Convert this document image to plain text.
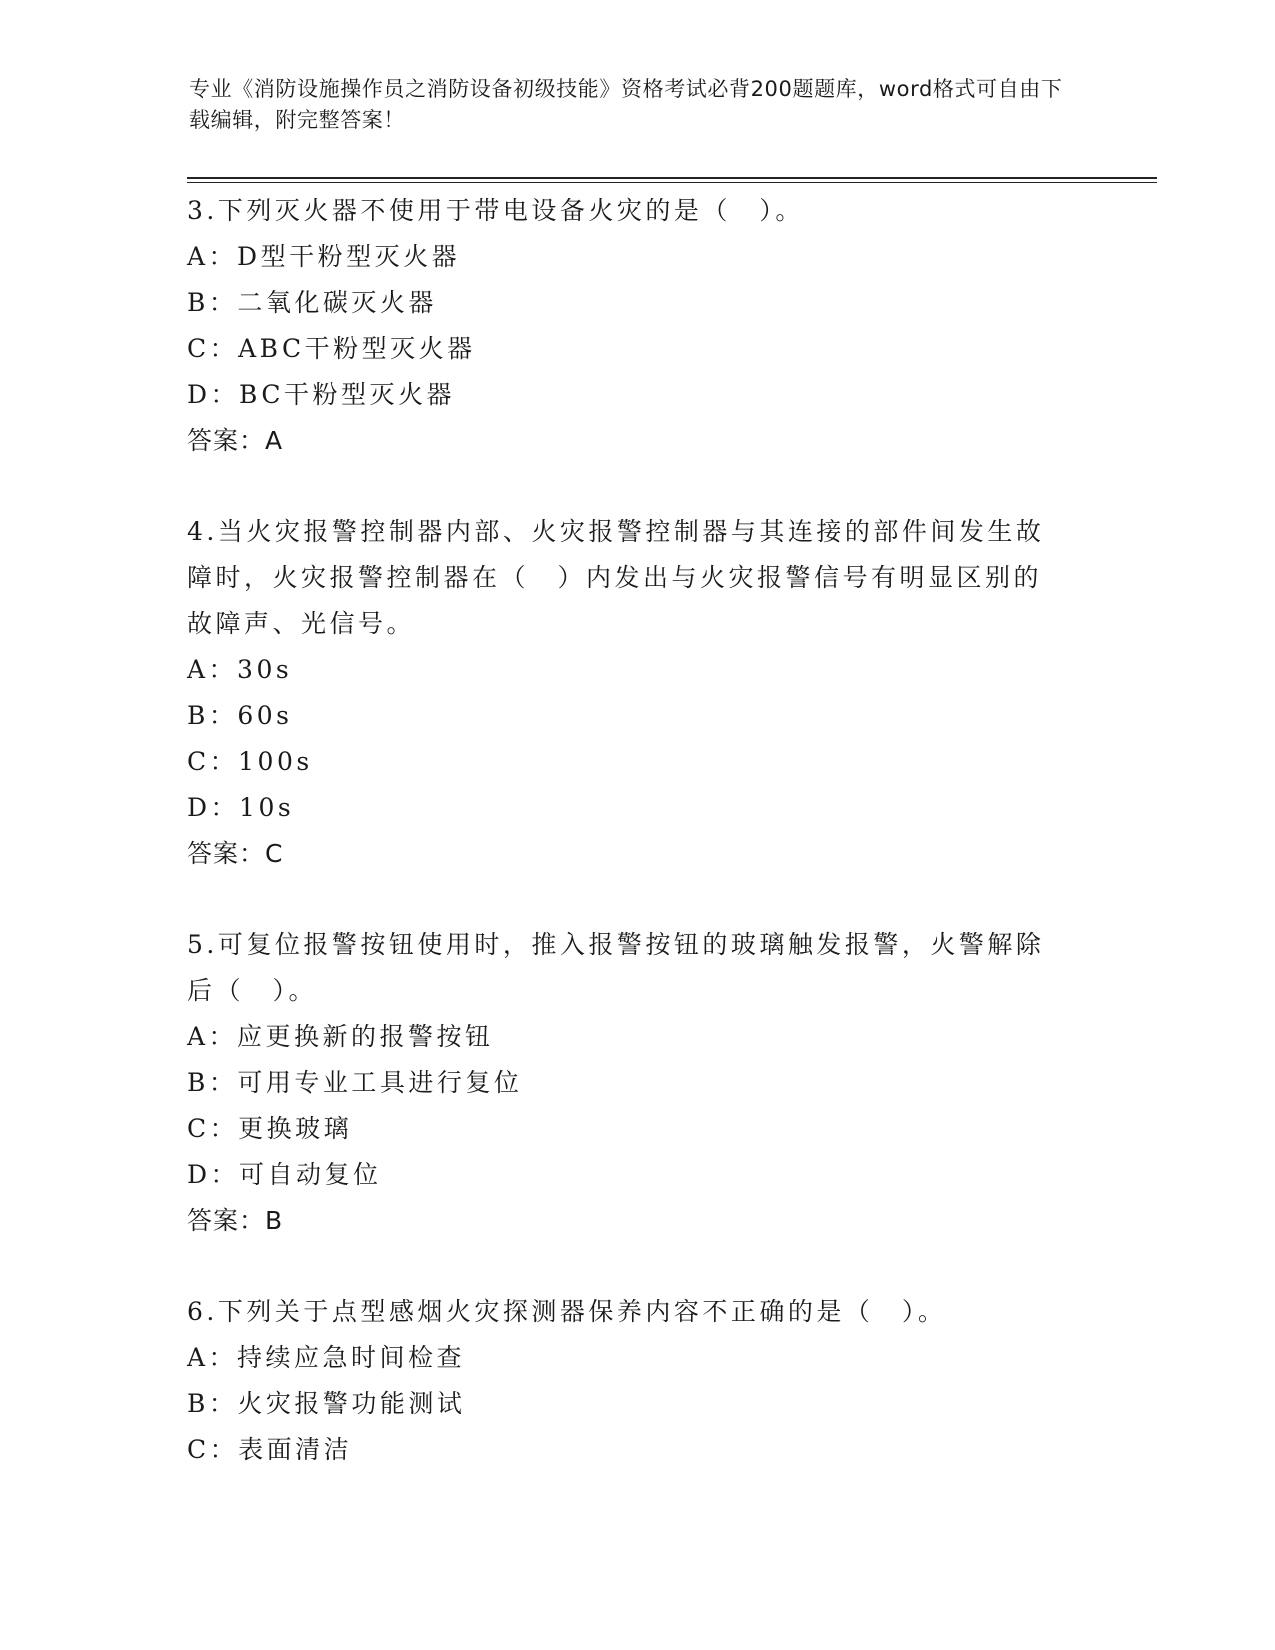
专业《消防设施操作员之消防设备初级技能》资格考试必背200题题库，word格式可自由下载编辑，附完整答案！
3.下列灭火器不使用于带电设备火灾的是（　）。
A：D型干粉型灭火器
B：二氧化碳灭火器
C：ABC干粉型灭火器
D：BC干粉型灭火器
答案：A
4.当火灾报警控制器内部、火灾报警控制器与其连接的部件间发生故障时，火灾报警控制器在（　）内发出与火灾报警信号有明显区别的故障声、光信号。
A：30s
B：60s
C：100s
D：10s
答案：C
5.可复位报警按钮使用时，推入报警按钮的玻璃触发报警，火警解除后（　）。
A：应更换新的报警按钮
B：可用专业工具进行复位
C：更换玻璃
D：可自动复位
答案：B
6.下列关于点型感烟火灾探测器保养内容不正确的是（　）。
A：持续应急时间检查
B：火灾报警功能测试
C：表面清洁
